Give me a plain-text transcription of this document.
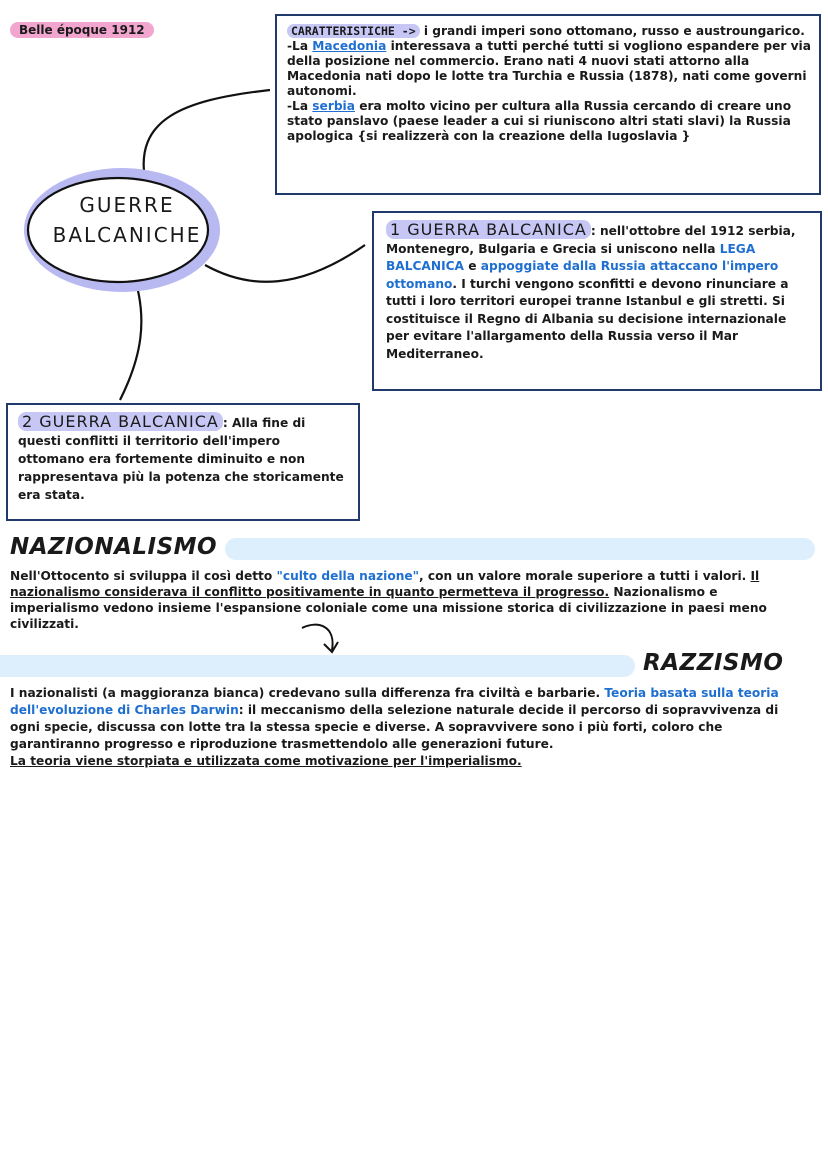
Belle époque 1912
GUERRE
BALCANICHE
CARATTERISTICHE -> i grandi imperi sono ottomano, russo e austroungarico.
-La Macedonia interessava a tutti perché tutti si vogliono espandere per via della posizione nel commercio. Erano nati 4 nuovi stati attorno alla Macedonia nati dopo le lotte tra Turchia e Russia (1878), nati come governi autonomi.
-La serbia era molto vicino per cultura alla Russia cercando di creare uno stato panslavo (paese leader a cui si riuniscono altri stati slavi) la Russia apologica {si realizzerà con la creazione della Iugoslavia }
1 GUERRA BALCANICA : nell'ottobre del 1912 serbia, Montenegro, Bulgaria e Grecia si uniscono nella LEGA BALCANICA e appoggiate dalla Russia attaccano l'impero ottomano. I turchi vengono sconfitti e devono rinunciare a tutti i loro territori europei tranne Istanbul e gli stretti. Si costituisce il Regno di Albania su decisione internazionale per evitare l'allargamento della Russia verso il Mar Mediterraneo.
2 GUERRA BALCANICA : Alla fine di questi conflitti il territorio dell'impero ottomano era fortemente diminuito e non rappresentava più la potenza che storicamente era stata.
NAZIONALISMO
Nell'Ottocento si sviluppa il così detto "culto della nazione", con un valore morale superiore a tutti i valori. Il nazionalismo considerava il conflitto positivamente in quanto permetteva il progresso. Nazionalismo e imperialismo vedono insieme l'espansione coloniale come una missione storica di civilizzazione in paesi meno civilizzati.
RAZZISMO
I nazionalisti (a maggioranza bianca) credevano sulla differenza fra civiltà e barbarie. Teoria basata sulla teoria dell'evoluzione di Charles Darwin: il meccanismo della selezione naturale decide il percorso di sopravvivenza di ogni specie, discussa con lotte tra la stessa specie e diverse. A sopravvivere sono i più forti, coloro che garantiranno progresso e riproduzione trasmettendolo alle generazioni future.
La teoria viene storpiata e utilizzata come motivazione per l'imperialismo.
